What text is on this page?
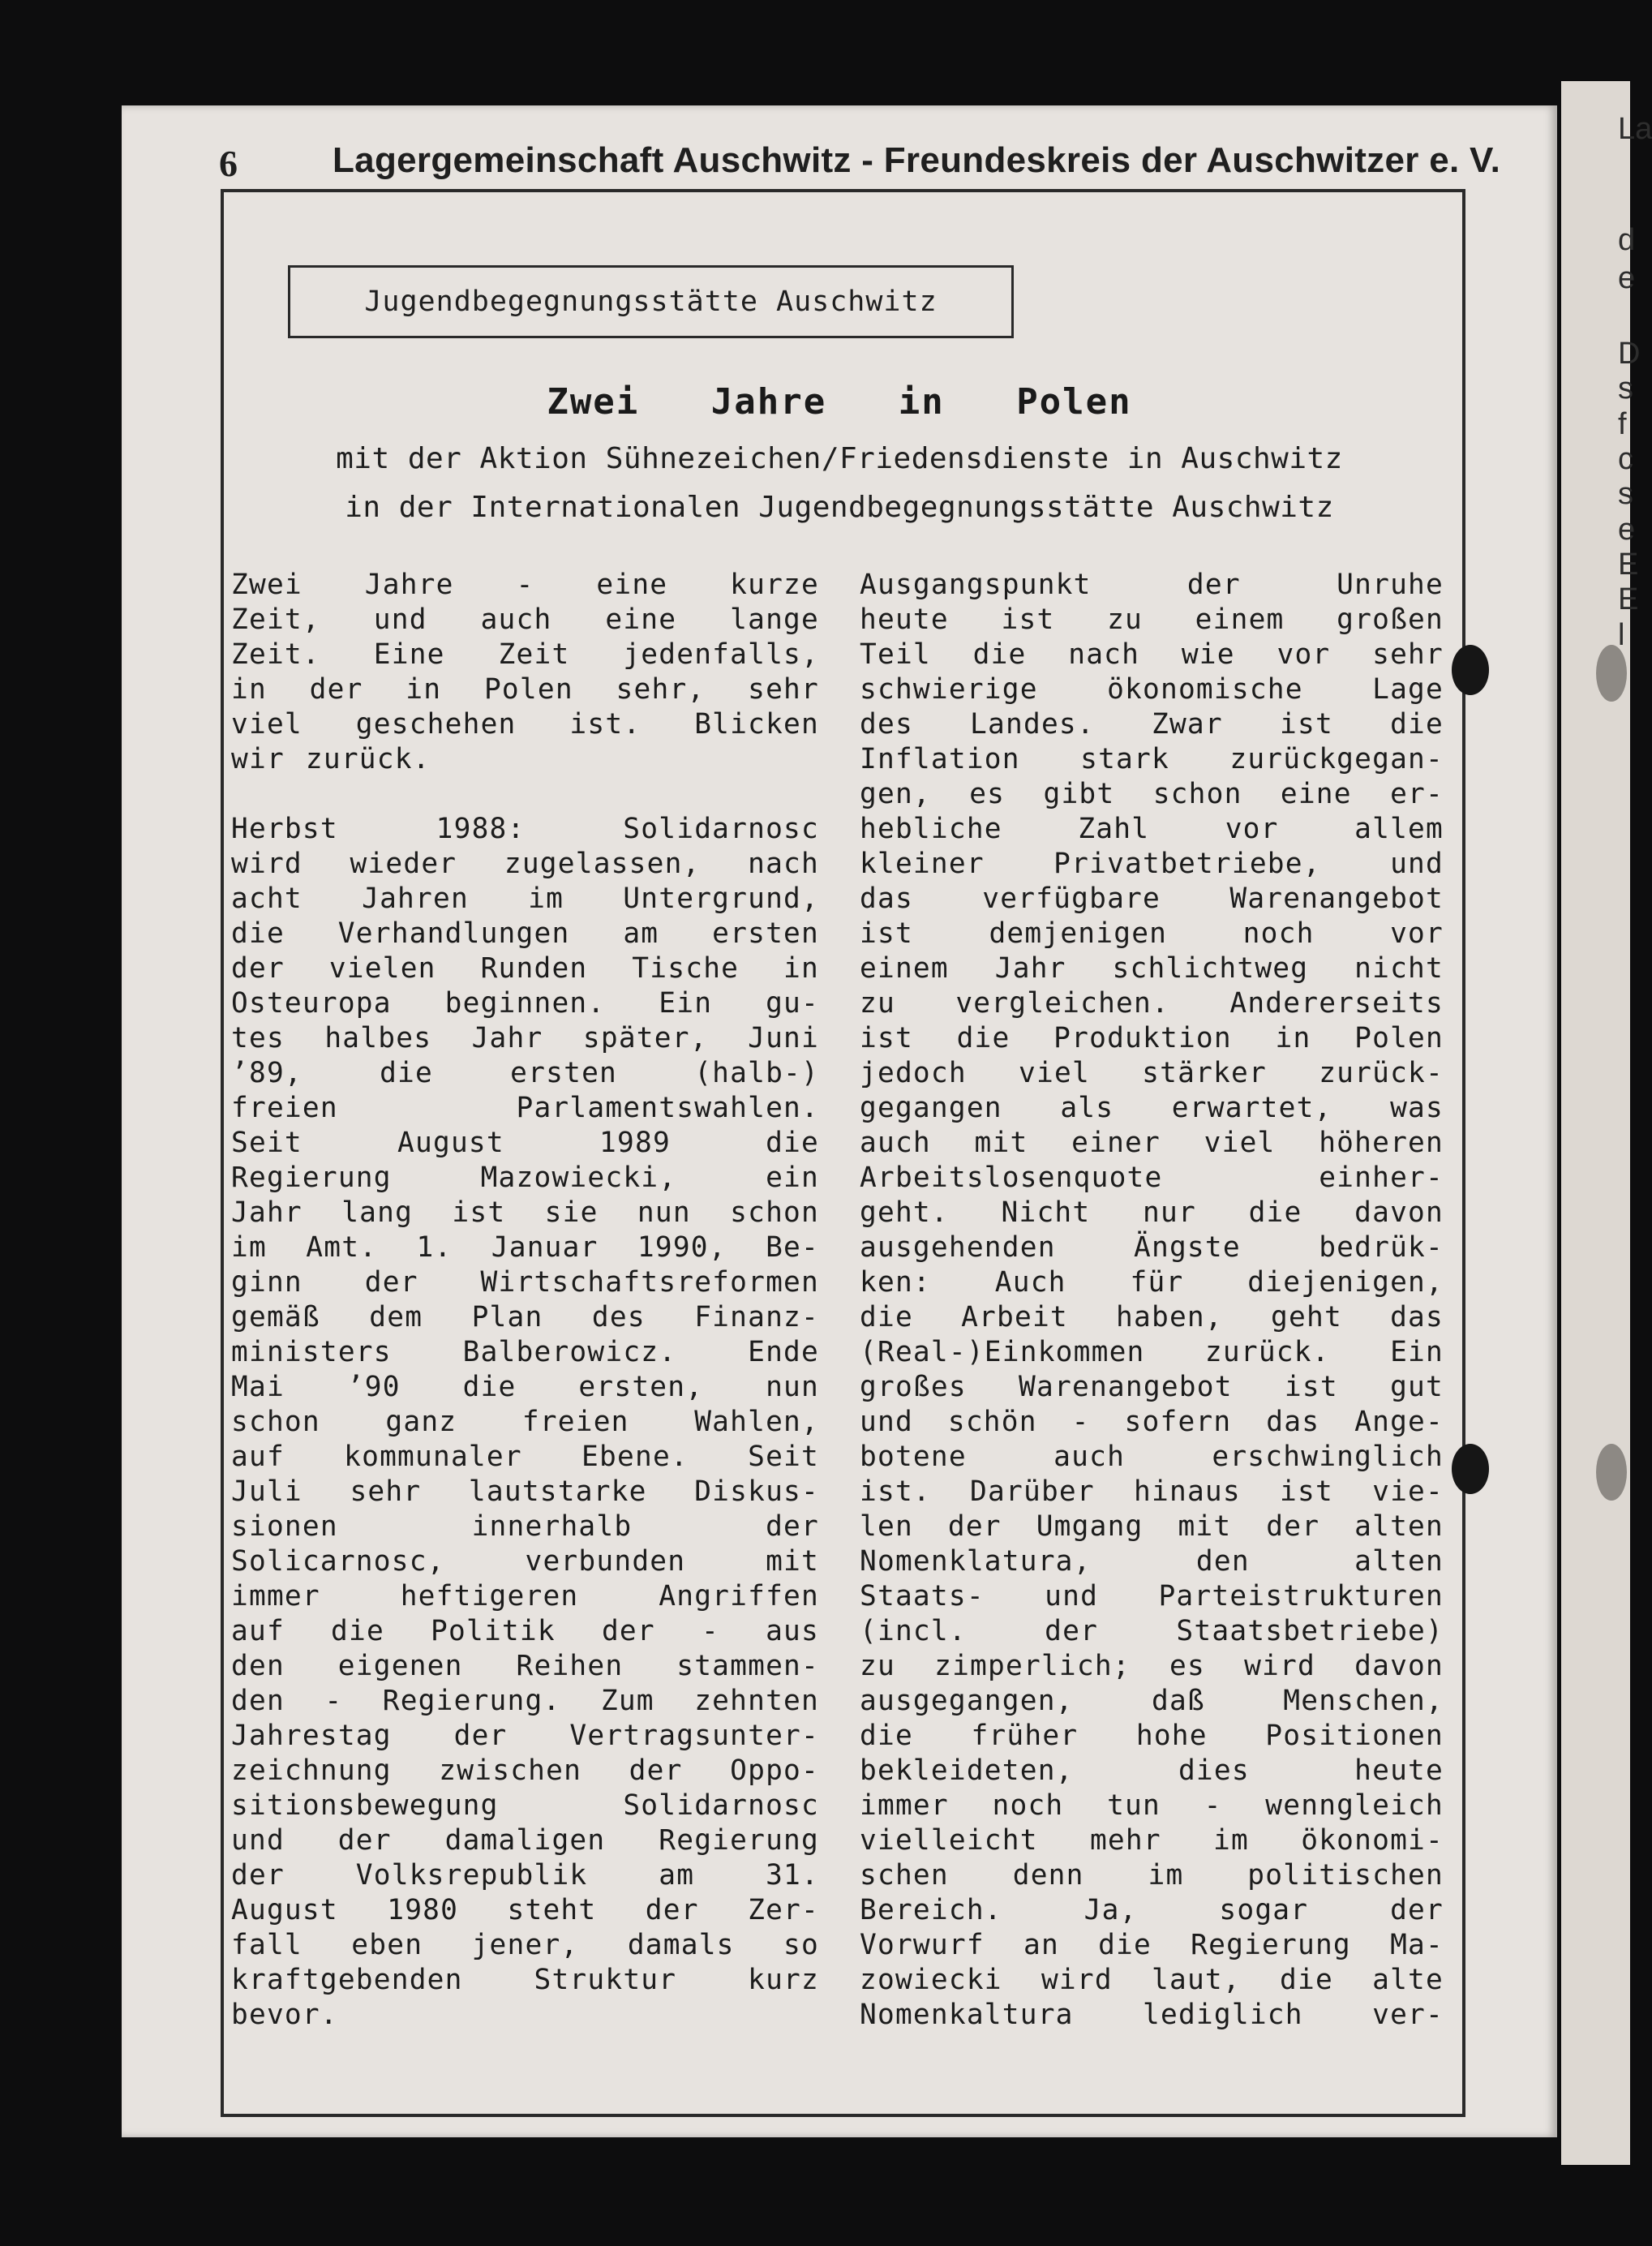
La
d
e
D
s
f
c
s
e
E
E
l
6	Lagergemeinschaft Auschwitz - Freundeskreis der Auschwitzer e. V.
Jugendbegegnungsstätte Auschwitz
Zwei Jahre in Polen
mit der Aktion Sühnezeichen/Friedensdienste in Auschwitz
in der Internationalen Jugendbegegnungsstätte Auschwitz
Zwei Jahre - eine kurze
Zeit, und auch eine lange
Zeit. Eine Zeit jedenfalls,
in der in Polen sehr, sehr
viel geschehen ist. Blicken
wir zurück.
Herbst 1988: Solidarnosc
wird wieder zugelassen, nach
acht Jahren im Untergrund,
die Verhandlungen am ersten
der vielen Runden Tische in
Osteuropa beginnen. Ein gu-
tes halbes Jahr später, Juni
’89, die ersten (halb-)
freien Parlamentswahlen.
Seit August 1989 die
Regierung Mazowiecki, ein
Jahr lang ist sie nun schon
im Amt. 1. Januar 1990, Be-
ginn der Wirtschaftsreformen
gemäß dem Plan des Finanz-
ministers Balberowicz. Ende
Mai ’90 die ersten, nun
schon ganz freien Wahlen,
auf kommunaler Ebene. Seit
Juli sehr lautstarke Diskus-
sionen innerhalb der
Solicarnosc, verbunden mit
immer heftigeren Angriffen
auf die Politik der - aus
den eigenen Reihen stammen-
den - Regierung. Zum zehnten
Jahrestag der Vertragsunter-
zeichnung zwischen der Oppo-
sitionsbewegung Solidarnosc
und der damaligen Regierung
der Volksrepublik am 31.
August 1980 steht der Zer-
fall eben jener, damals so
kraftgebenden Struktur kurz
bevor.
Ausgangspunkt der Unruhe
heute ist zu einem großen
Teil die nach wie vor sehr
schwierige ökonomische Lage
des Landes. Zwar ist die
Inflation stark zurückgegan-
gen, es gibt schon eine er-
hebliche Zahl vor allem
kleiner Privatbetriebe, und
das verfügbare Warenangebot
ist demjenigen noch vor
einem Jahr schlichtweg nicht
zu vergleichen. Andererseits
ist die Produktion in Polen
jedoch viel stärker zurück-
gegangen als erwartet, was
auch mit einer viel höheren
Arbeitslosenquote einher-
geht. Nicht nur die davon
ausgehenden Ängste bedrük-
ken: Auch für diejenigen,
die Arbeit haben, geht das
(Real-)Einkommen zurück. Ein
großes Warenangebot ist gut
und schön - sofern das Ange-
botene auch erschwinglich
ist. Darüber hinaus ist vie-
len der Umgang mit der alten
Nomenklatura, den alten
Staats- und Parteistrukturen
(incl. der Staatsbetriebe)
zu zimperlich; es wird davon
ausgegangen, daß Menschen,
die früher hohe Positionen
bekleideten, dies heute
immer noch tun - wenngleich
vielleicht mehr im ökonomi-
schen denn im politischen
Bereich. Ja, sogar der
Vorwurf an die Regierung Ma-
zowiecki wird laut, die alte
Nomenkaltura lediglich ver-
